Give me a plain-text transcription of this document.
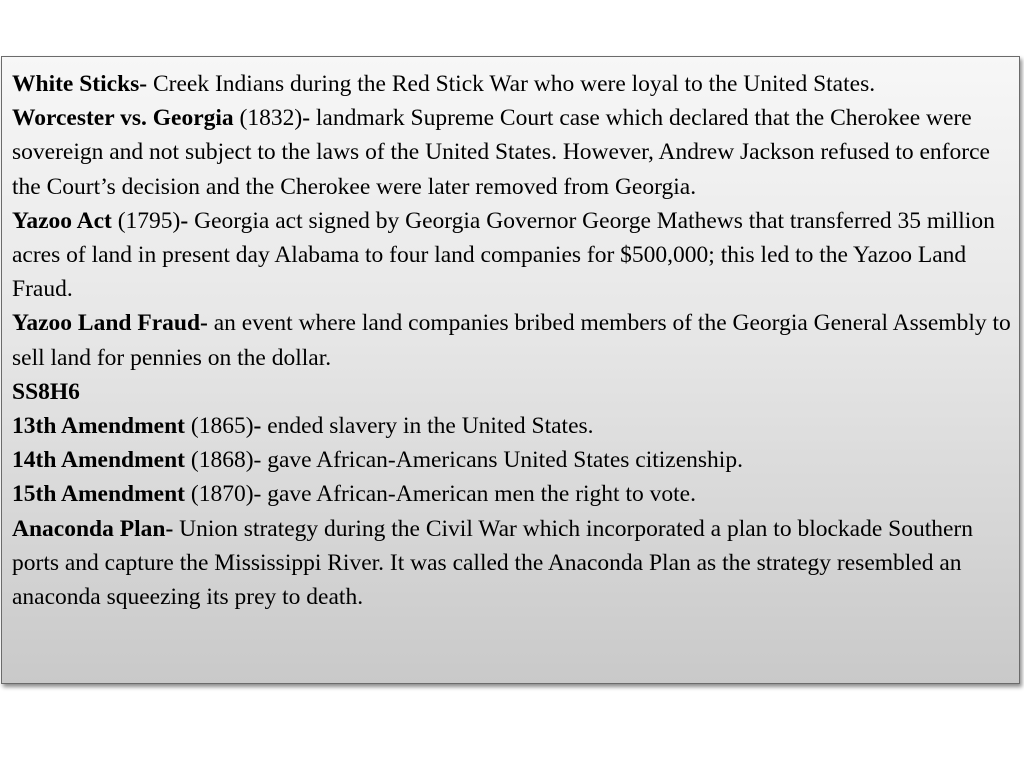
White Sticks- Creek Indians during the Red Stick War who were loyal to the United States.

Worcester vs. Georgia (1832)- landmark Supreme Court case which declared that the Cherokee were sovereign and not subject to the laws of the United States. However, Andrew Jackson refused to enforce the Court’s decision and the Cherokee were later removed from Georgia.

Yazoo Act (1795)- Georgia act signed by Georgia Governor George Mathews that transferred 35 million acres of land in present day Alabama to four land companies for $500,000; this led to the Yazoo Land Fraud.

Yazoo Land Fraud- an event where land companies bribed members of the Georgia General Assembly to sell land for pennies on the dollar.

SS8H6

13th Amendment (1865)- ended slavery in the United States.

14th Amendment (1868)- gave African-Americans United States citizenship.

15th Amendment (1870)- gave African-American men the right to vote.

Anaconda Plan- Union strategy during the Civil War which incorporated a plan to blockade Southern ports and capture the Mississippi River. It was called the Anaconda Plan as the strategy resembled an anaconda squeezing its prey to death.
